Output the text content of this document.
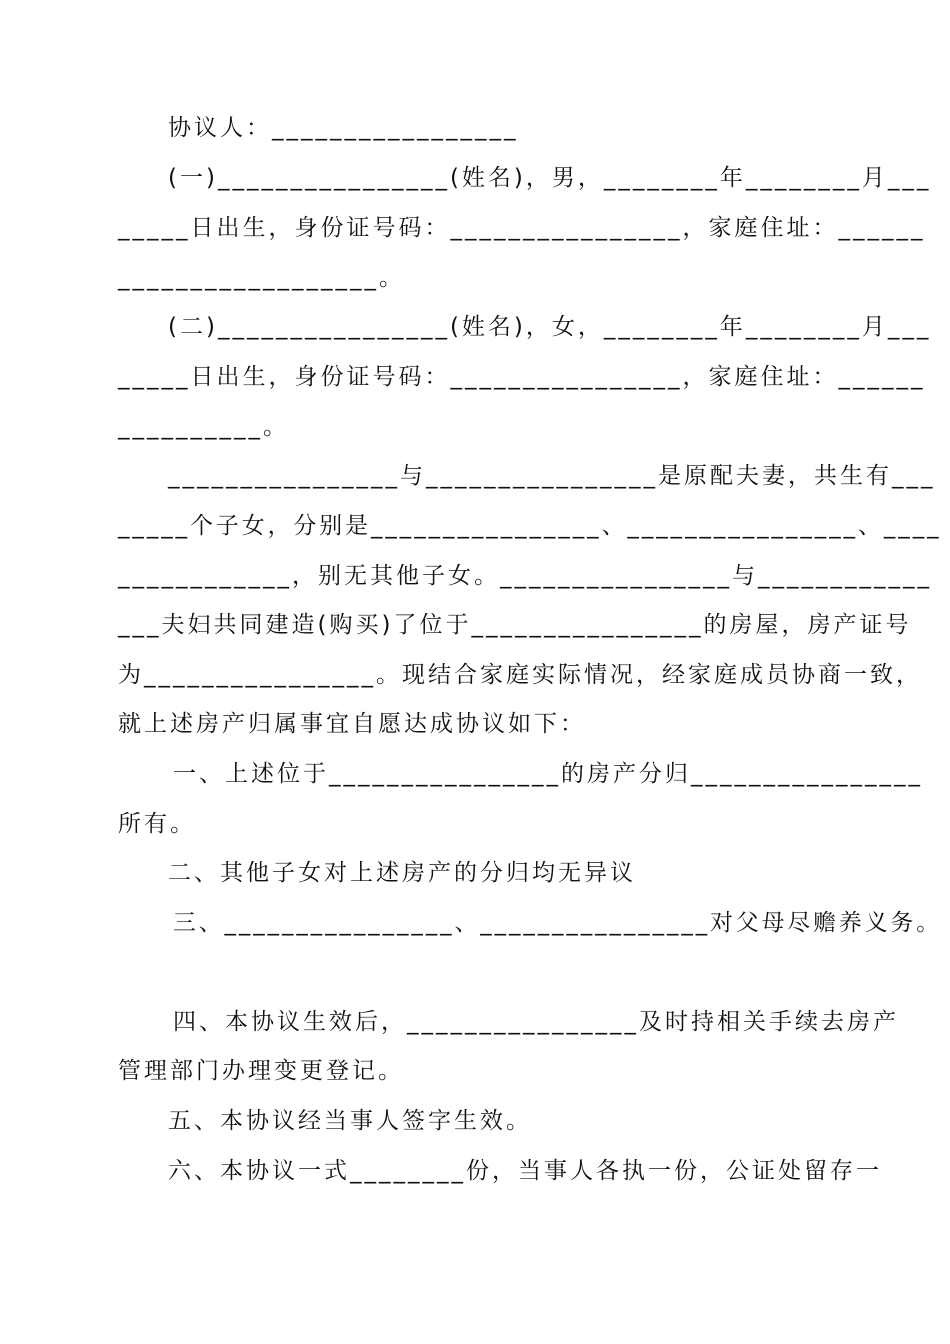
协议人：_________________
(一)________________(姓名)，男，________年________月___
_____日出生，身份证号码：________________，家庭住址：______
__________________。
(二)________________(姓名)，女，________年________月___
_____日出生，身份证号码：________________，家庭住址：______
__________。
________________与________________是原配夫妻，共生有___
_____个子女，分别是________________、________________、____
____________，别无其他子女。________________与____________
___夫妇共同建造(购买)了位于________________的房屋，房产证号
为________________。现结合家庭实际情况，经家庭成员协商一致，
就上述房产归属事宜自愿达成协议如下：
一、上述位于________________的房产分归________________
所有。
二、其他子女对上述房产的分归均无异议
三、________________、________________对父母尽赡养义务。
四、本协议生效后，________________及时持相关手续去房产
管理部门办理变更登记。
五、本协议经当事人签字生效。
六、本协议一式________份，当事人各执一份，公证处留存一
